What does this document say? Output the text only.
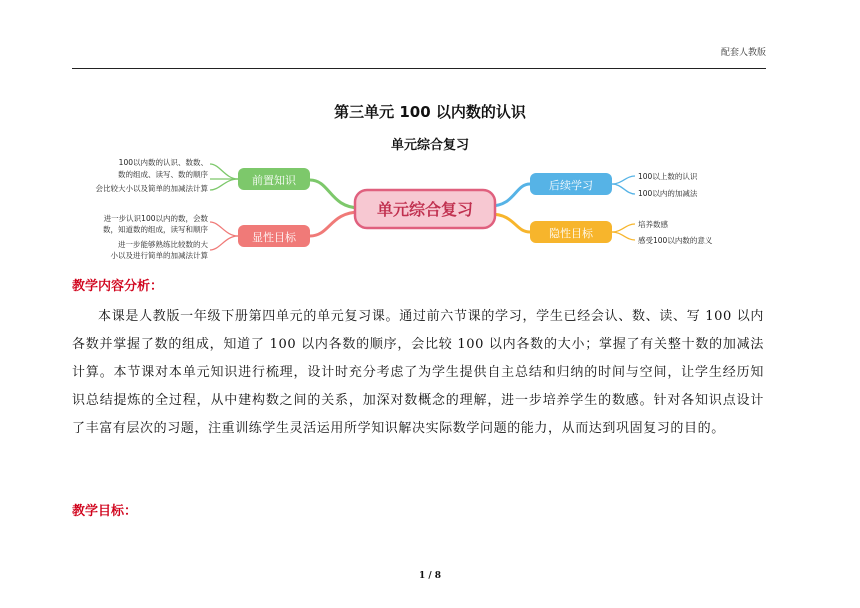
配套人教版
第三单元 100 以内数的认识
单元综合复习
单元综合复习
前置知识
显性目标
后续学习
隐性目标
100以内数的认识、数数、
数的组成、读写、数的顺序
会比较大小以及简单的加减法计算
进一步认识100以内的数，会数
数，知道数的组成，读写和顺序
进一步能够熟练比较数的大
小以及进行简单的加减法计算
100以上数的认识
100以内的加减法
培养数感
感受100以内数的意义
教学内容分析：
本课是人教版一年级下册第四单元的单元复习课。通过前六节课的学习，学生已经会认、数、读、写 100 以内各数并掌握了数的组成，知道了 100 以内各数的顺序，会比较 100 以内各数的大小；掌握了有关整十数的加减法计算。本节课对本单元知识进行梳理，设计时充分考虑了为学生提供自主总结和归纳的时间与空间，让学生经历知识总结提炼的全过程，从中建构数之间的关系，加深对数概念的理解，进一步培养学生的数感。针对各知识点设计了丰富有层次的习题，注重训练学生灵活运用所学知识解决实际数学问题的能力，从而达到巩固复习的目的。
教学目标：
1 / 8
